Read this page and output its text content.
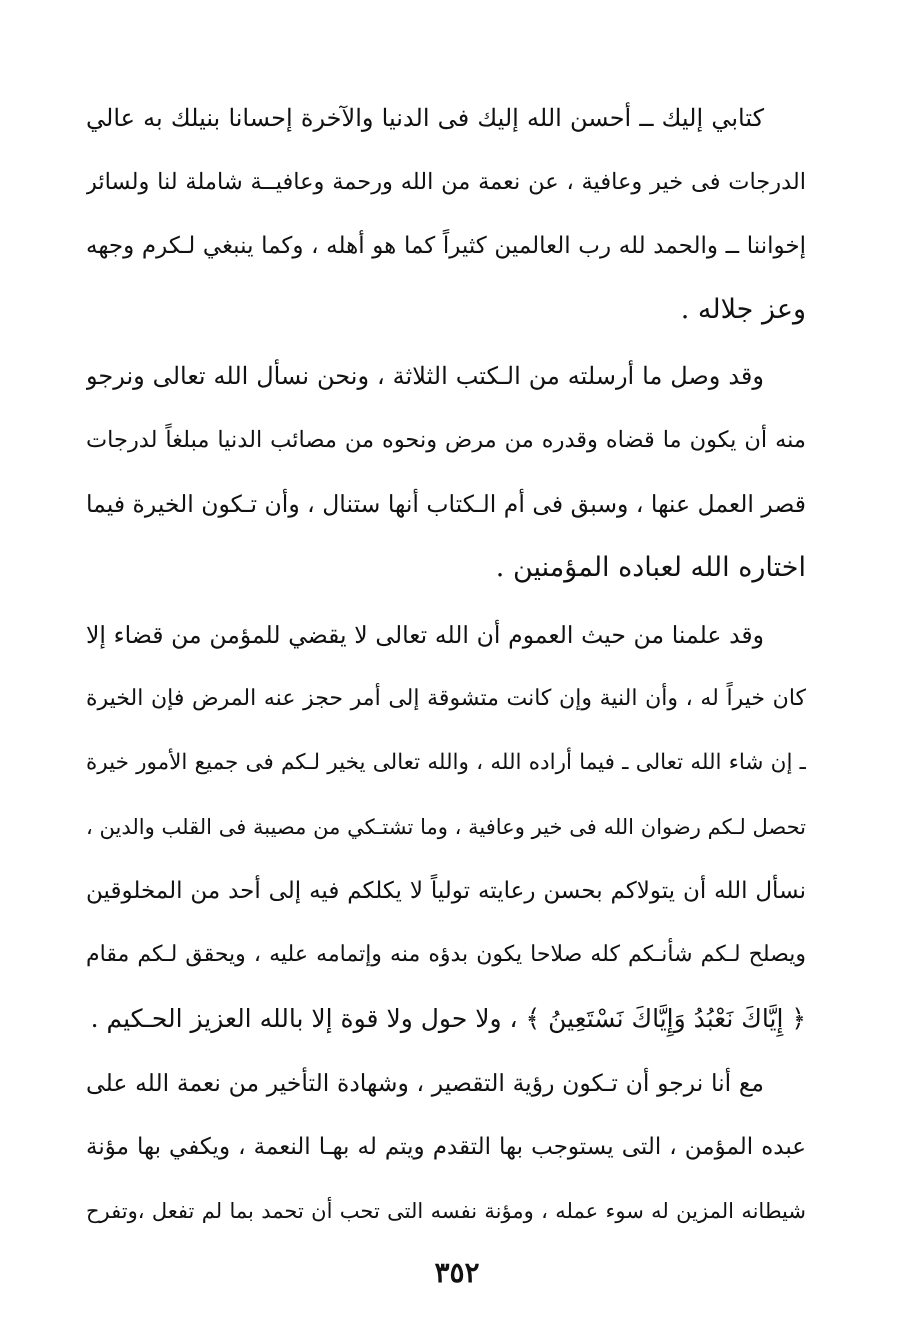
كتابي إليك ــ أحسن الله إليك فى الدنيا والآخرة إحسانا بنيلك به عالي
الدرجات فى خير وعافية ، عن نعمة من الله ورحمة وعافيــة شاملة لنا ولسائر
إخواننا ــ والحمد لله رب العالمين كثيراً كما هو أهله ، وكما ينبغي لـكرم وجهه
وعز جلاله .
وقد وصل ما أرسلته من الـكتب الثلاثة ، ونحن نسأل الله تعالى ونرجو
منه أن يكون ما قضاه وقدره من مرض ونحوه من مصائب الدنيا مبلغاً لدرجات
قصر العمل عنها ، وسبق فى أم الـكتاب أنها ستنال ، وأن تـكون الخيرة فيما
اختاره الله لعباده المؤمنين .
وقد علمنا من حيث العموم أن الله تعالى لا يقضي للمؤمن من قضاء إلا
كان خيراً له ، وأن النية وإن كانت متشوقة إلى أمر حجز عنه المرض فإن الخيرة
ـ إن شاء الله تعالى ـ فيما أراده الله ، والله تعالى يخير لـكم فى جميع الأمور خيرة
تحصل لـكم رضوان الله فى خير وعافية ، وما تشتـكي من مصيبة فى القلب والدين ،
نسأل الله أن يتولاكم بحسن رعايته تولياً لا يكلكم فيه إلى أحد من المخلوقين
ويصلح لـكم شأنـكم كله صلاحا يكون بدؤه منه وإتمامه عليه ، ويحقق لـكم مقام
﴿ إِيَّاكَ نَعْبُدُ وَإِيَّاكَ نَسْتَعِينُ ﴾ ، ولا حول ولا قوة إلا بالله العزيز الحـكيم .
مع أنا نرجو أن تـكون رؤية التقصير ، وشهادة التأخير من نعمة الله على
عبده المؤمن ، التى يستوجب بها التقدم ويتم له بهـا النعمة ، ويكفي بها مؤنة
شيطانه المزين له سوء عمله ، ومؤنة نفسه التى تحب أن تحمد بما لم تفعل ،وتفرح
٣٥٢
